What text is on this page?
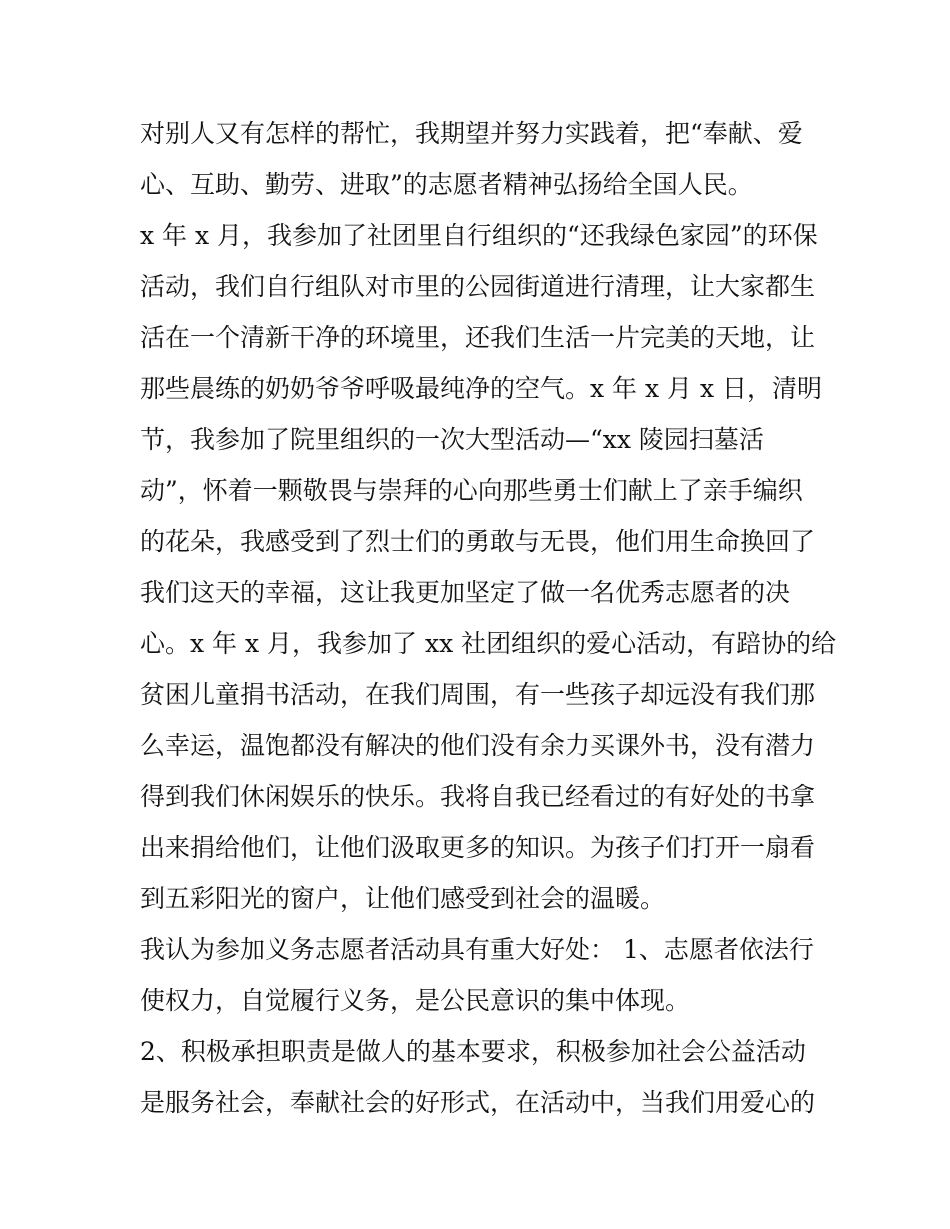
对别人又有怎样的帮忙，我期望并努力实践着，把“奉献、爱
心、互助、勤劳、进取”的志愿者精神弘扬给全国人民。
x 年 x 月，我参加了社团里自行组织的“还我绿色家园”的环保
活动，我们自行组队对市里的公园街道进行清理，让大家都生
活在一个清新干净的环境里，还我们生活一片完美的天地，让
那些晨练的奶奶爷爷呼吸最纯净的空气。x 年 x 月 x 日，清明
节，我参加了院里组织的一次大型活动—“xx 陵园扫墓活
动”，怀着一颗敬畏与崇拜的心向那些勇士们献上了亲手编织
的花朵，我感受到了烈士们的勇敢与无畏，他们用生命换回了
我们这天的幸福，这让我更加坚定了做一名优秀志愿者的决
心。x 年 x 月，我参加了 xx 社团组织的爱心活动，有踣协的给
贫困儿童捐书活动，在我们周围，有一些孩子却远没有我们那
么幸运，温饱都没有解决的他们没有余力买课外书，没有潜力
得到我们休闲娱乐的快乐。我将自我已经看过的有好处的书拿
出来捐给他们，让他们汲取更多的知识。为孩子们打开一扇看
到五彩阳光的窗户，让他们感受到社会的温暖。
我认为参加义务志愿者活动具有重大好处： 1、志愿者依法行
使权力，自觉履行义务，是公民意识的集中体现。
2、积极承担职责是做人的基本要求，积极参加社会公益活动
是服务社会，奉献社会的好形式，在活动中，当我们用爱心的
